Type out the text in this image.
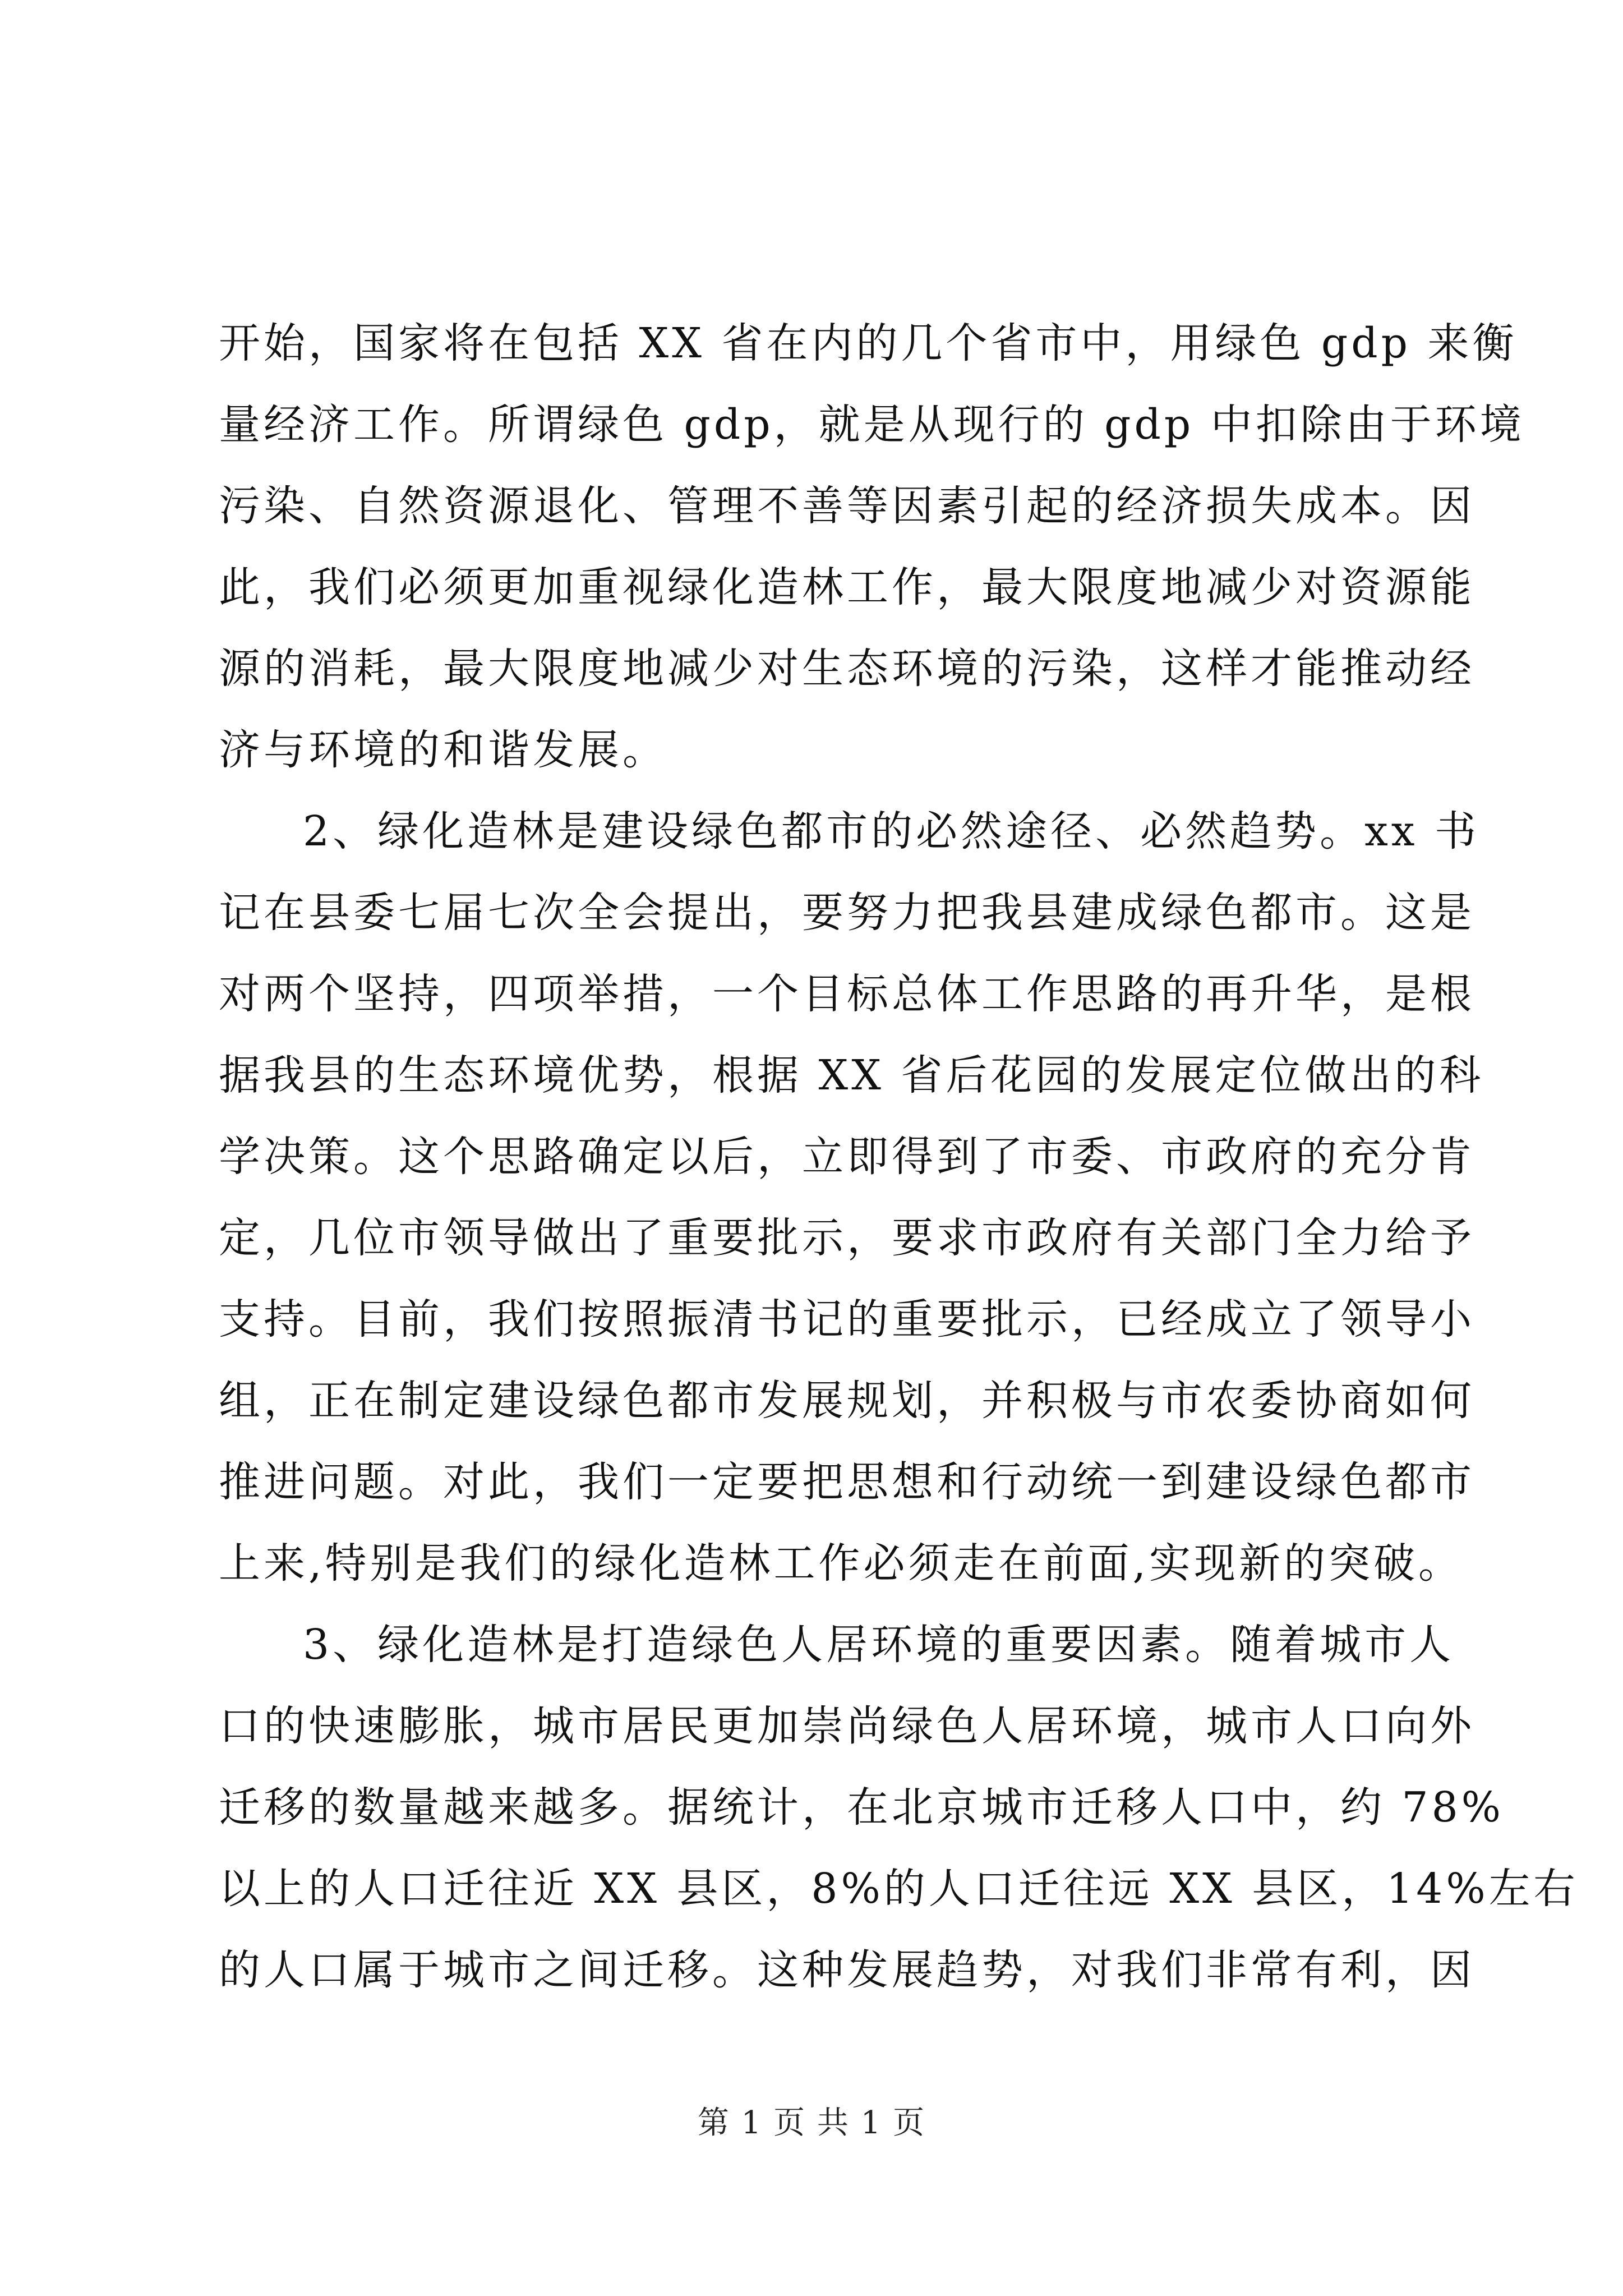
开始，国家将在包括 XX 省在内的几个省市中，用绿色 gdp 来衡
量经济工作。所谓绿色 gdp，就是从现行的 gdp 中扣除由于环境
污染、自然资源退化、管理不善等因素引起的经济损失成本。因
此，我们必须更加重视绿化造林工作，最大限度地减少对资源能
源的消耗，最大限度地减少对生态环境的污染，这样才能推动经
济与环境的和谐发展。
2、绿化造林是建设绿色都市的必然途径、必然趋势。xx 书
记在县委七届七次全会提出，要努力把我县建成绿色都市。这是
对两个坚持，四项举措，一个目标总体工作思路的再升华，是根
据我县的生态环境优势，根据 XX 省后花园的发展定位做出的科
学决策。这个思路确定以后，立即得到了市委、市政府的充分肯
定，几位市领导做出了重要批示，要求市政府有关部门全力给予
支持。目前，我们按照振清书记的重要批示，已经成立了领导小
组，正在制定建设绿色都市发展规划，并积极与市农委协商如何
推进问题。对此，我们一定要把思想和行动统一到建设绿色都市
上来,特别是我们的绿化造林工作必须走在前面,实现新的突破。
3、绿化造林是打造绿色人居环境的重要因素。随着城市人
口的快速膨胀，城市居民更加崇尚绿色人居环境，城市人口向外
迁移的数量越来越多。据统计，在北京城市迁移人口中，约 78%
以上的人口迁往近 XX 县区，8%的人口迁往远 XX 县区，14%左右
的人口属于城市之间迁移。这种发展趋势，对我们非常有利，因
第 1 页 共 1 页
